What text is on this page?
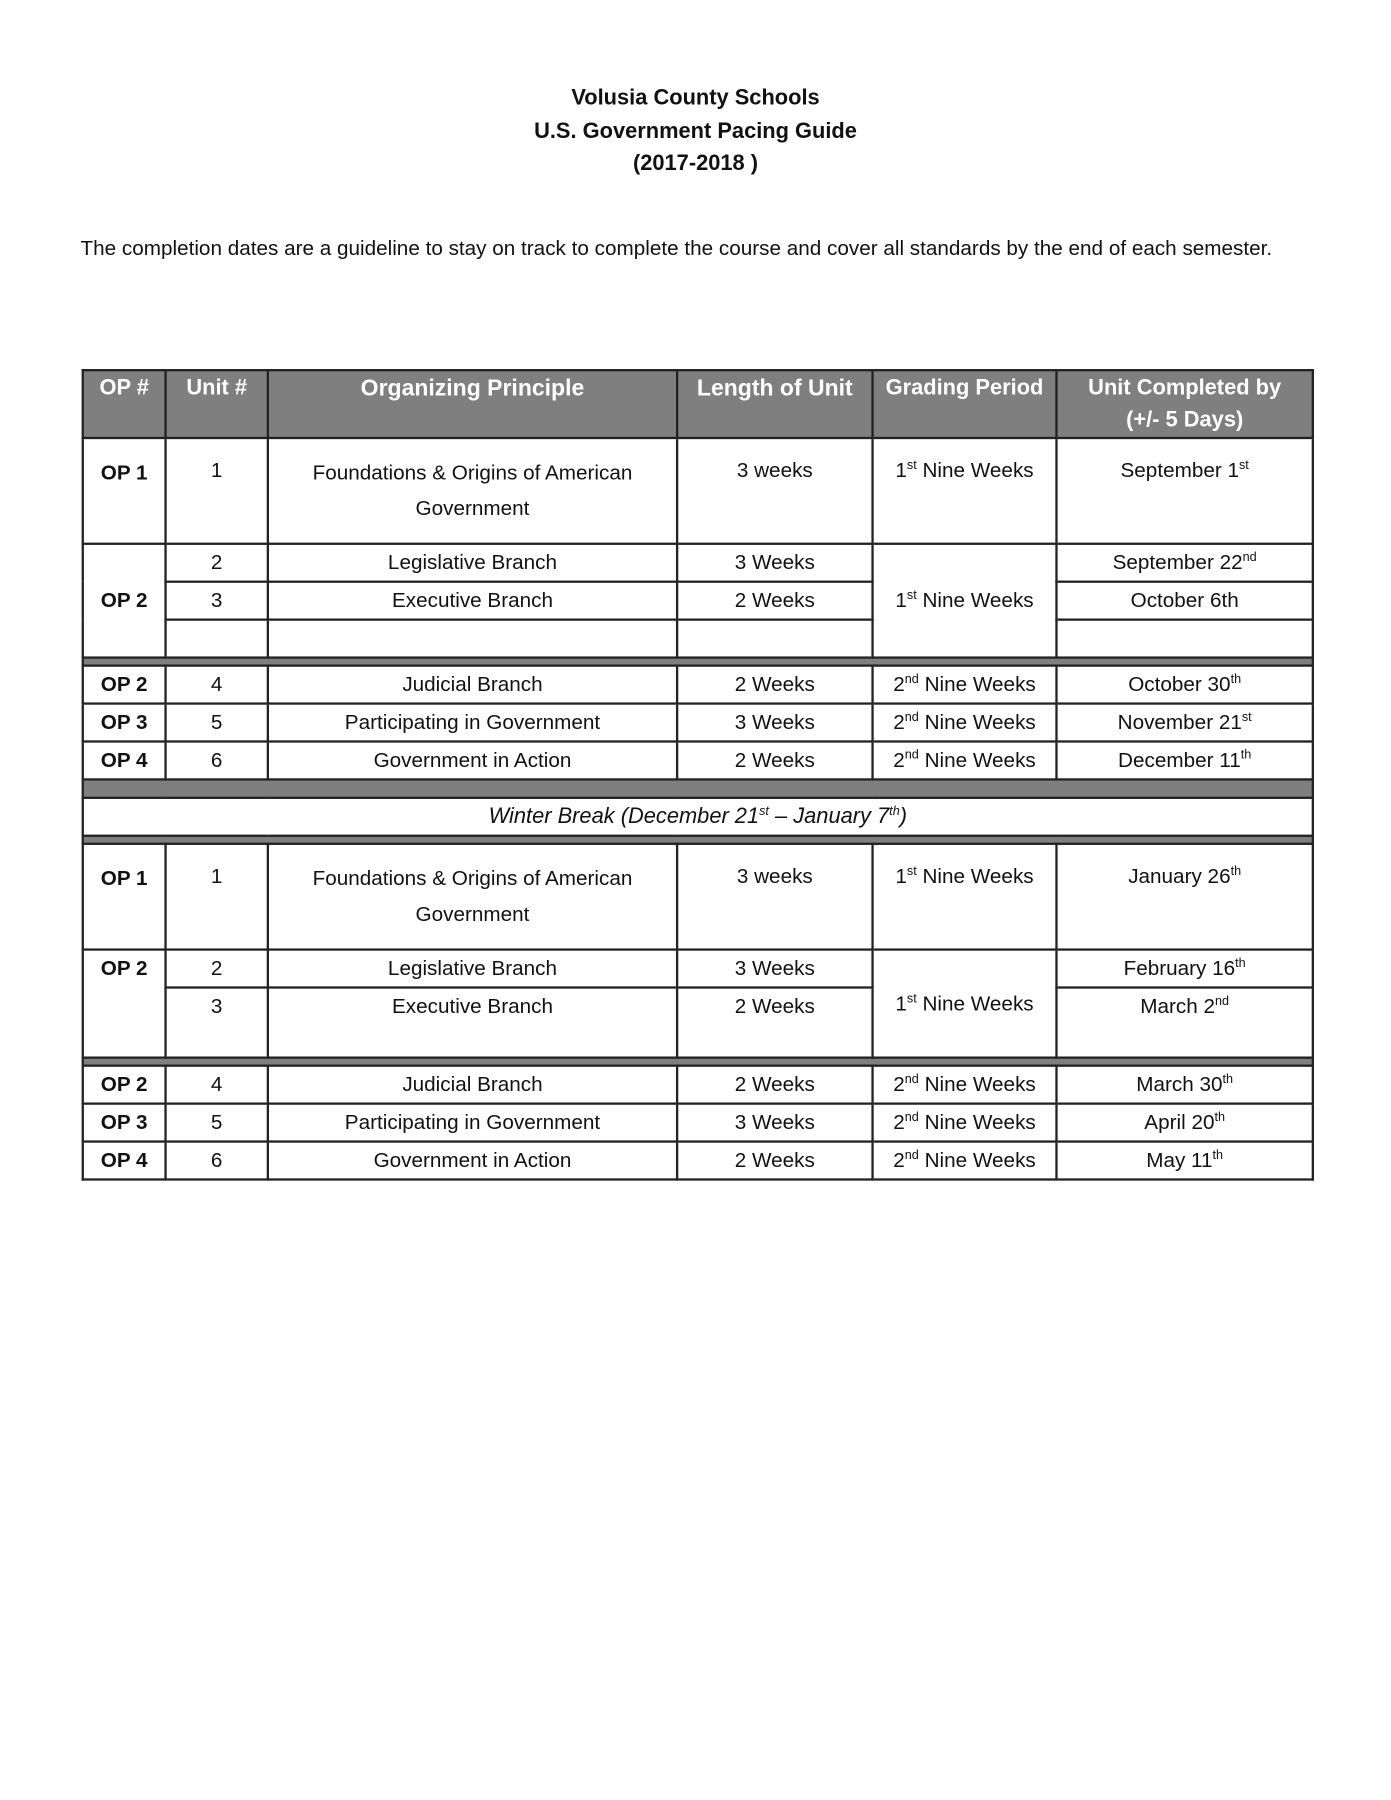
Volusia County Schools
U.S. Government Pacing Guide
(2017-2018 )
The completion dates are a guideline to stay on track to complete the course and cover all standards by the end of each semester.
OP #	Unit #	Organizing Principle	Length of Unit	Grading Period	Unit Completed by
(+/- 5 Days)

OP 1	1	Foundations & Origins of American Government	3 weeks	1st Nine Weeks	September 1st
OP 2	2	Legislative Branch	3 Weeks	1st Nine Weeks	September 22nd
	3	Executive Branch	2 Weeks		October 6th

OP 2	4	Judicial Branch	2 Weeks	2nd Nine Weeks	October 30th
OP 3	5	Participating in Government	3 Weeks	2nd Nine Weeks	November 21st
OP 4	6	Government in Action	2 Weeks	2nd Nine Weeks	December 11th

Winter Break (December 21st – January 7th)					

OP 1	1	Foundations & Origins of American Government	3 weeks	1st Nine Weeks	January 26th
OP 2	2	Legislative Branch	3 Weeks	1st Nine Weeks	February 16th
	3	Executive Branch	2 Weeks		March 2nd

OP 2	4	Judicial Branch	2 Weeks	2nd Nine Weeks	March 30th
OP 3	5	Participating in Government	3 Weeks	2nd Nine Weeks	April 20th
OP 4	6	Government in Action	2 Weeks	2nd Nine Weeks	May 11th
